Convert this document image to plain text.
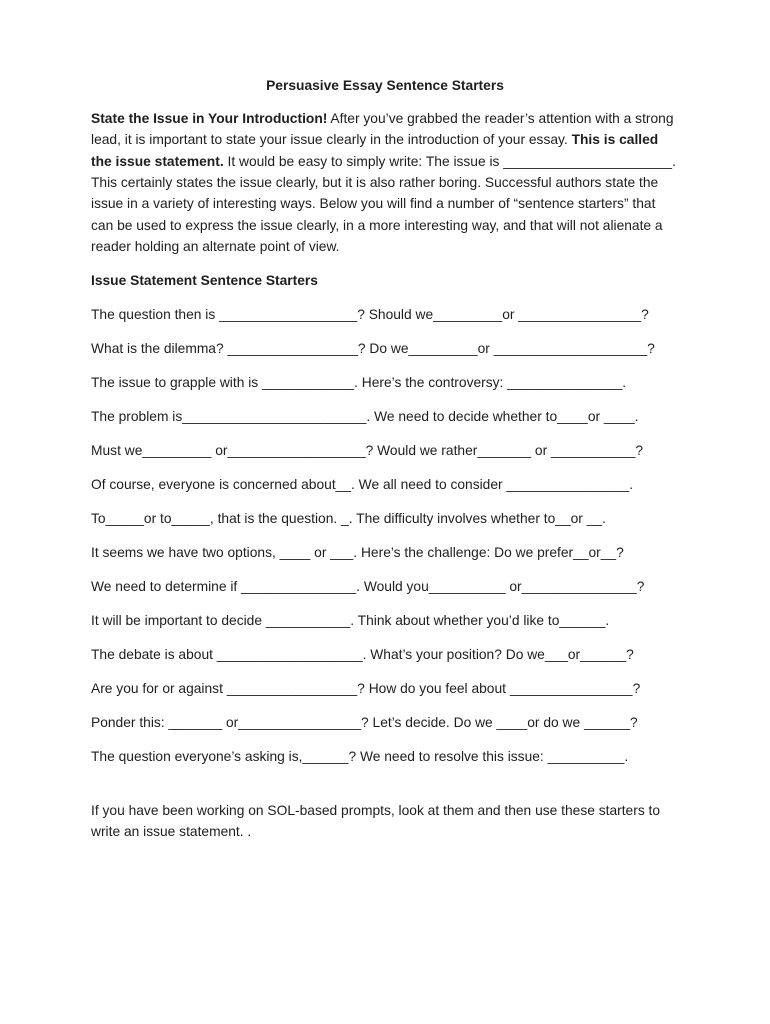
Persuasive Essay Sentence Starters
State the Issue in Your Introduction! After you’ve grabbed the reader’s attention with a strong
lead, it is important to state your issue clearly in the introduction of your essay. This is called
the issue statement. It would be easy to simply write: The issue is ______________________.
This certainly states the issue clearly, but it is also rather boring. Successful authors state the
issue in a variety of interesting ways. Below you will find a number of “sentence starters” that
can be used to express the issue clearly, in a more interesting way, and that will not alienate a
reader holding an alternate point of view.
Issue Statement Sentence Starters
The question then is __________________? Should we_________or ________________?
What is the dilemma? _________________? Do we_________or ____________________?
The issue to grapple with is ____________. Here’s the controversy: _______________.
The problem is________________________. We need to decide whether to____or ____.
Must we_________ or__________________? Would we rather_______ or ___________?
Of course, everyone is concerned about__. We all need to consider ________________.
To_____or to_____, that is the question. _. The difficulty involves whether to__or __.
It seems we have two options, ____ or ___. Here’s the challenge: Do we prefer__or__?
We need to determine if _______________. Would you__________ or_______________?
It will be important to decide ___________. Think about whether you’d like to______.
The debate is about ___________________. What’s your position? Do we___or______?
Are you for or against _________________? How do you feel about ________________?
Ponder this: _______ or________________? Let’s decide. Do we ____or do we ______?
The question everyone’s asking is,______? We need to resolve this issue: __________.
If you have been working on SOL-based prompts, look at them and then use these starters to
write an issue statement. .
